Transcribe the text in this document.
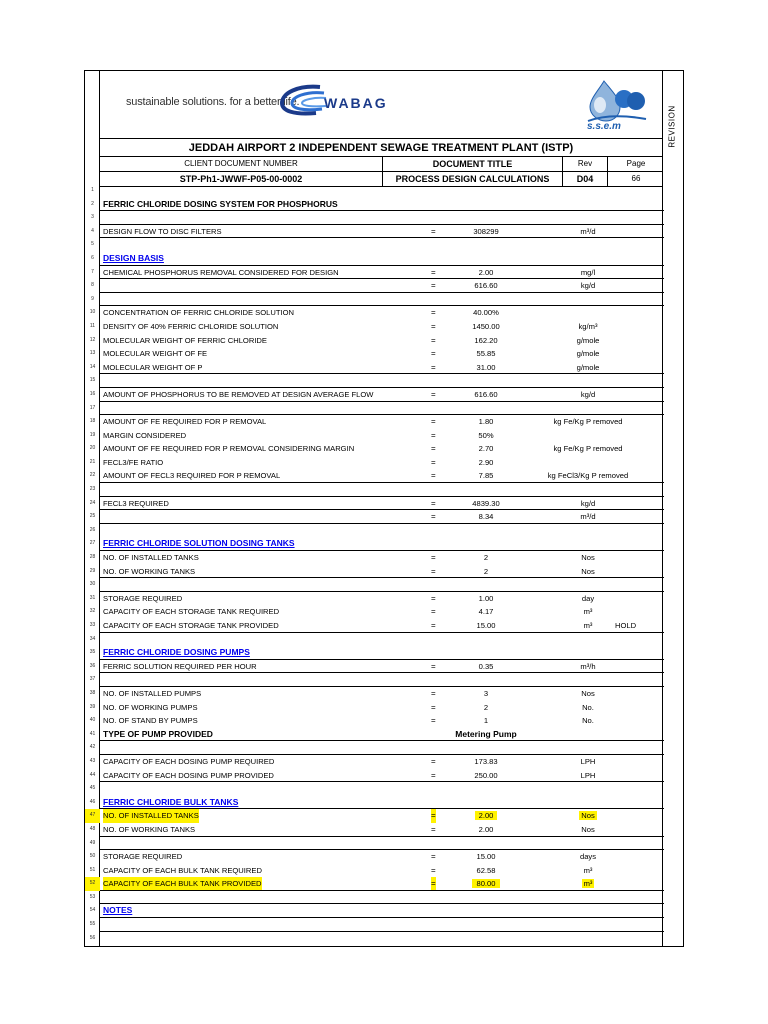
REVISION
sustainable solutions. for a better life. WABAG
s.s.e.m
JEDDAH AIRPORT 2 INDEPENDENT SEWAGE TREATMENT PLANT (ISTP)
CLIENT DOCUMENT NUMBER	DOCUMENT TITLE	Rev	Page
STP-Ph1-JWWF-P05-00-0002	PROCESS DESIGN CALCULATIONS	D04	66
1
2	FERRIC CHLORIDE DOSING SYSTEM FOR PHOSPHORUS
3
4	DESIGN FLOW TO DISC FILTERS	=	308299	m³/d
5
6	DESIGN BASIS
7	CHEMICAL PHOSPHORUS REMOVAL CONSIDERED FOR DESIGN	=	2.00	mg/l
8	=	616.60	kg/d
9
10	CONCENTRATION OF FERRIC CHLORIDE SOLUTION	=	40.00%
11	DENSITY OF 40% FERRIC CHLORIDE SOLUTION	=	1450.00	kg/m³
12	MOLECULAR WEIGHT OF FERRIC CHLORIDE	=	162.20	g/mole
13	MOLECULAR WEIGHT OF FE	=	55.85	g/mole
14	MOLECULAR WEIGHT OF P	=	31.00	g/mole
15
16	AMOUNT OF PHOSPHORUS TO BE REMOVED AT DESIGN AVERAGE FLOW	=	616.60	kg/d
17
18	AMOUNT OF FE REQUIRED FOR P REMOVAL	=	1.80	kg Fe/Kg P removed
19	MARGIN CONSIDERED	=	50%
20	AMOUNT OF FE REQUIRED FOR P REMOVAL CONSIDERING MARGIN	=	2.70	kg Fe/Kg P removed
21	FECL3/FE RATIO	=	2.90
22	AMOUNT OF FECL3 REQUIRED FOR P REMOVAL	=	7.85	kg FeCl3/Kg P removed
23
24	FECL3 REQUIRED	=	4839.30	kg/d
25	=	8.34	m³/d
26
27 FERRIC CHLORIDE SOLUTION DOSING TANKS
28	NO. OF INSTALLED TANKS	=	2	Nos
29	NO. OF WORKING TANKS	=	2	Nos
30
31	STORAGE REQUIRED	=	1.00	day
32	CAPACITY OF EACH STORAGE TANK REQUIRED	=	4.17	m³
33	CAPACITY OF EACH STORAGE TANK PROVIDED	=	15.00	m³	HOLD
34
35 FERRIC CHLORIDE DOSING PUMPS
36	FERRIC SOLUTION REQUIRED PER HOUR	=	0.35	m³/h
37
38	NO. OF INSTALLED PUMPS	=	3	Nos
39	NO. OF WORKING PUMPS	=	2	No.
40	NO. OF STAND BY PUMPS	=	1	No.
41 TYPE OF PUMP PROVIDED	Metering Pump
42
43	CAPACITY OF EACH DOSING PUMP REQUIRED	=	173.83	LPH
44	CAPACITY OF EACH DOSING PUMP PROVIDED	=	250.00	LPH
45
46 FERRIC CHLORIDE BULK TANKS
47	NO. OF INSTALLED TANKS	=	2.00	Nos
48	NO. OF WORKING TANKS	=	2.00	Nos
49
50	STORAGE REQUIRED	=	15.00	days
51	CAPACITY OF EACH BULK TANK REQUIRED	=	62.58	m³
52	CAPACITY OF EACH BULK TANK PROVIDED	=	80.00	m³
53
54 NOTES
55
56
